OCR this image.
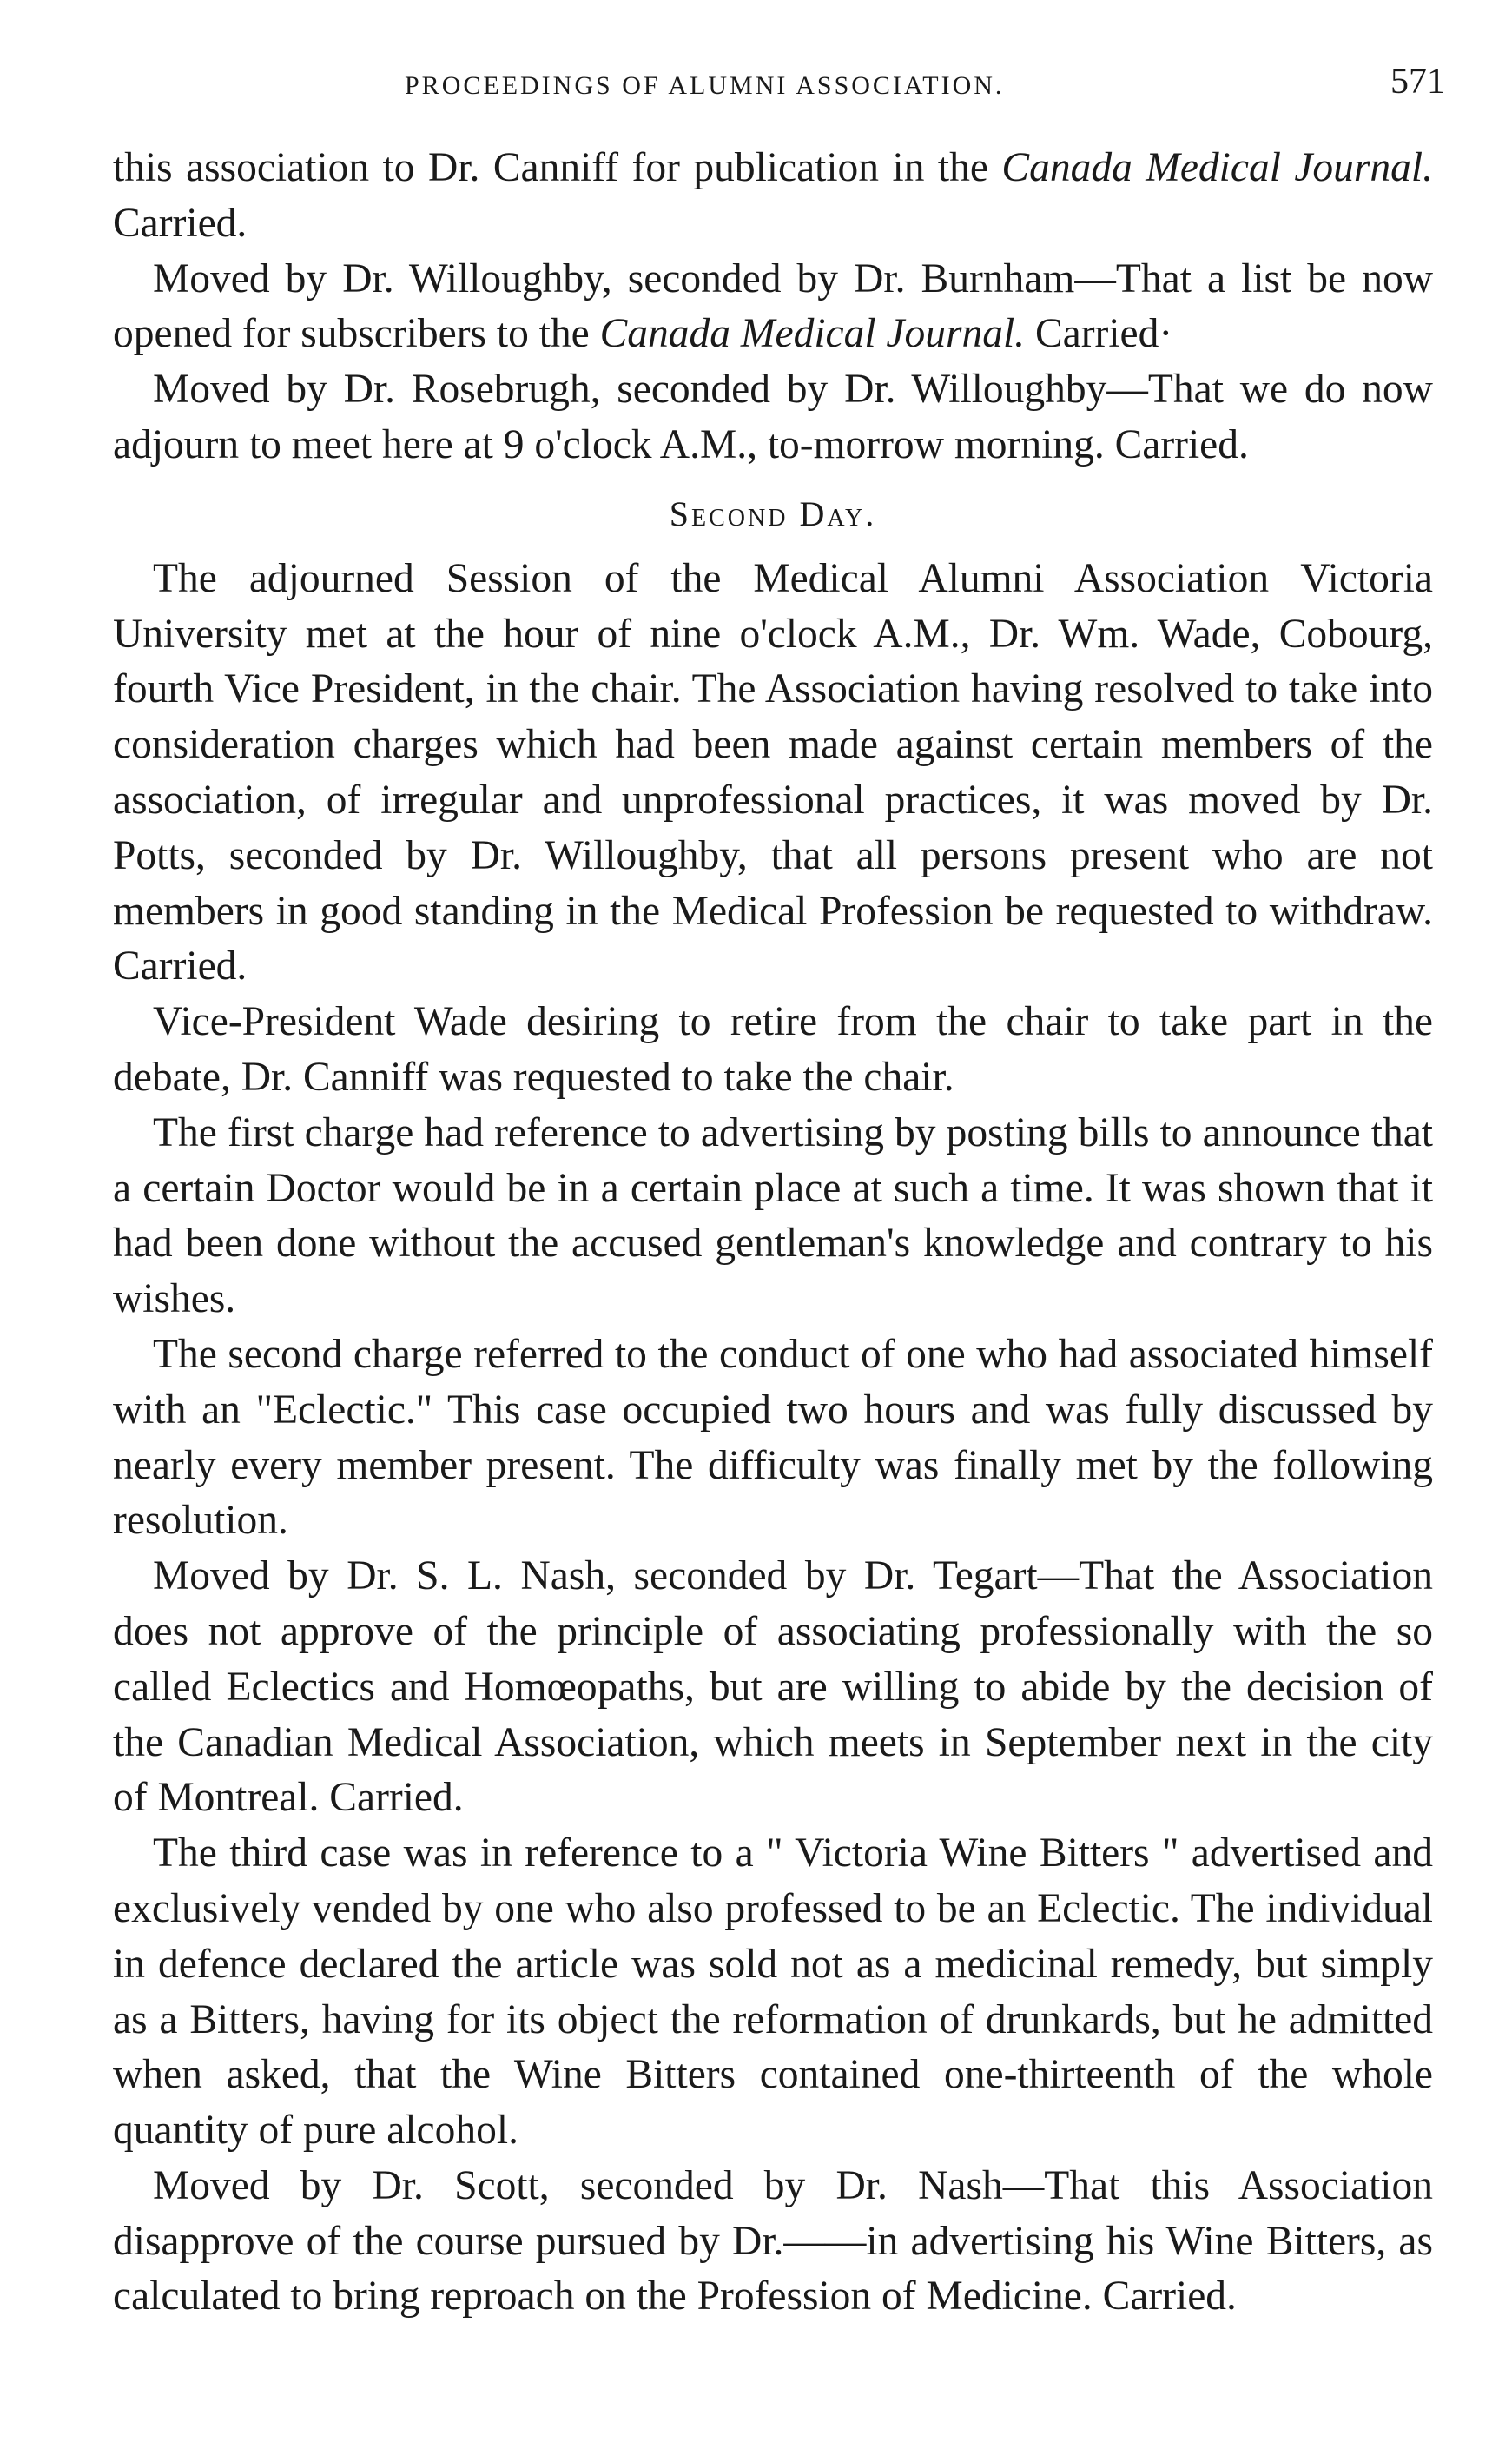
PROCEEDINGS OF ALUMNI ASSOCIATION.	571

this association to Dr. Canniff for publication in the Canada Medical Journal. Carried.

Moved by Dr. Willoughby, seconded by Dr. Burnham—That a list be now opened for subscribers to the Canada Medical Journal. Carried·

Moved by Dr. Rosebrugh, seconded by Dr. Willoughby—That we do now adjourn to meet here at 9 o'clock A.M., to-morrow morning. Carried.

Second Day.

The adjourned Session of the Medical Alumni Association Victoria University met at the hour of nine o'clock A.M., Dr. Wm. Wade, Cobourg, fourth Vice President, in the chair. The Association having resolved to take into consideration charges which had been made against certain members of the association, of irregular and unprofessional practices, it was moved by Dr. Potts, seconded by Dr. Willoughby, that all persons present who are not members in good standing in the Medical Profession be requested to withdraw. Carried.

Vice-President Wade desiring to retire from the chair to take part in the debate, Dr. Canniff was requested to take the chair.

The first charge had reference to advertising by posting bills to announce that a certain Doctor would be in a certain place at such a time. It was shown that it had been done without the accused gentleman's knowledge and contrary to his wishes.

The second charge referred to the conduct of one who had associated himself with an "Eclectic." This case occupied two hours and was fully discussed by nearly every member present. The difficulty was finally met by the following resolution.

Moved by Dr. S. L. Nash, seconded by Dr. Tegart—That the Association does not approve of the principle of associating professionally with the so called Eclectics and Homœopaths, but are willing to abide by the decision of the Canadian Medical Association, which meets in September next in the city of Montreal. Carried.

The third case was in reference to a " Victoria Wine Bitters " advertised and exclusively vended by one who also professed to be an Eclectic. The individual in defence declared the article was sold not as a medicinal remedy, but simply as a Bitters, having for its object the reformation of drunkards, but he admitted when asked, that the Wine Bitters contained one-thirteenth of the whole quantity of pure alcohol.

Moved by Dr. Scott, seconded by Dr. Nash—That this Association disapprove of the course pursued by Dr.——in advertising his Wine Bitters, as calculated to bring reproach on the Profession of Medicine. Carried.
